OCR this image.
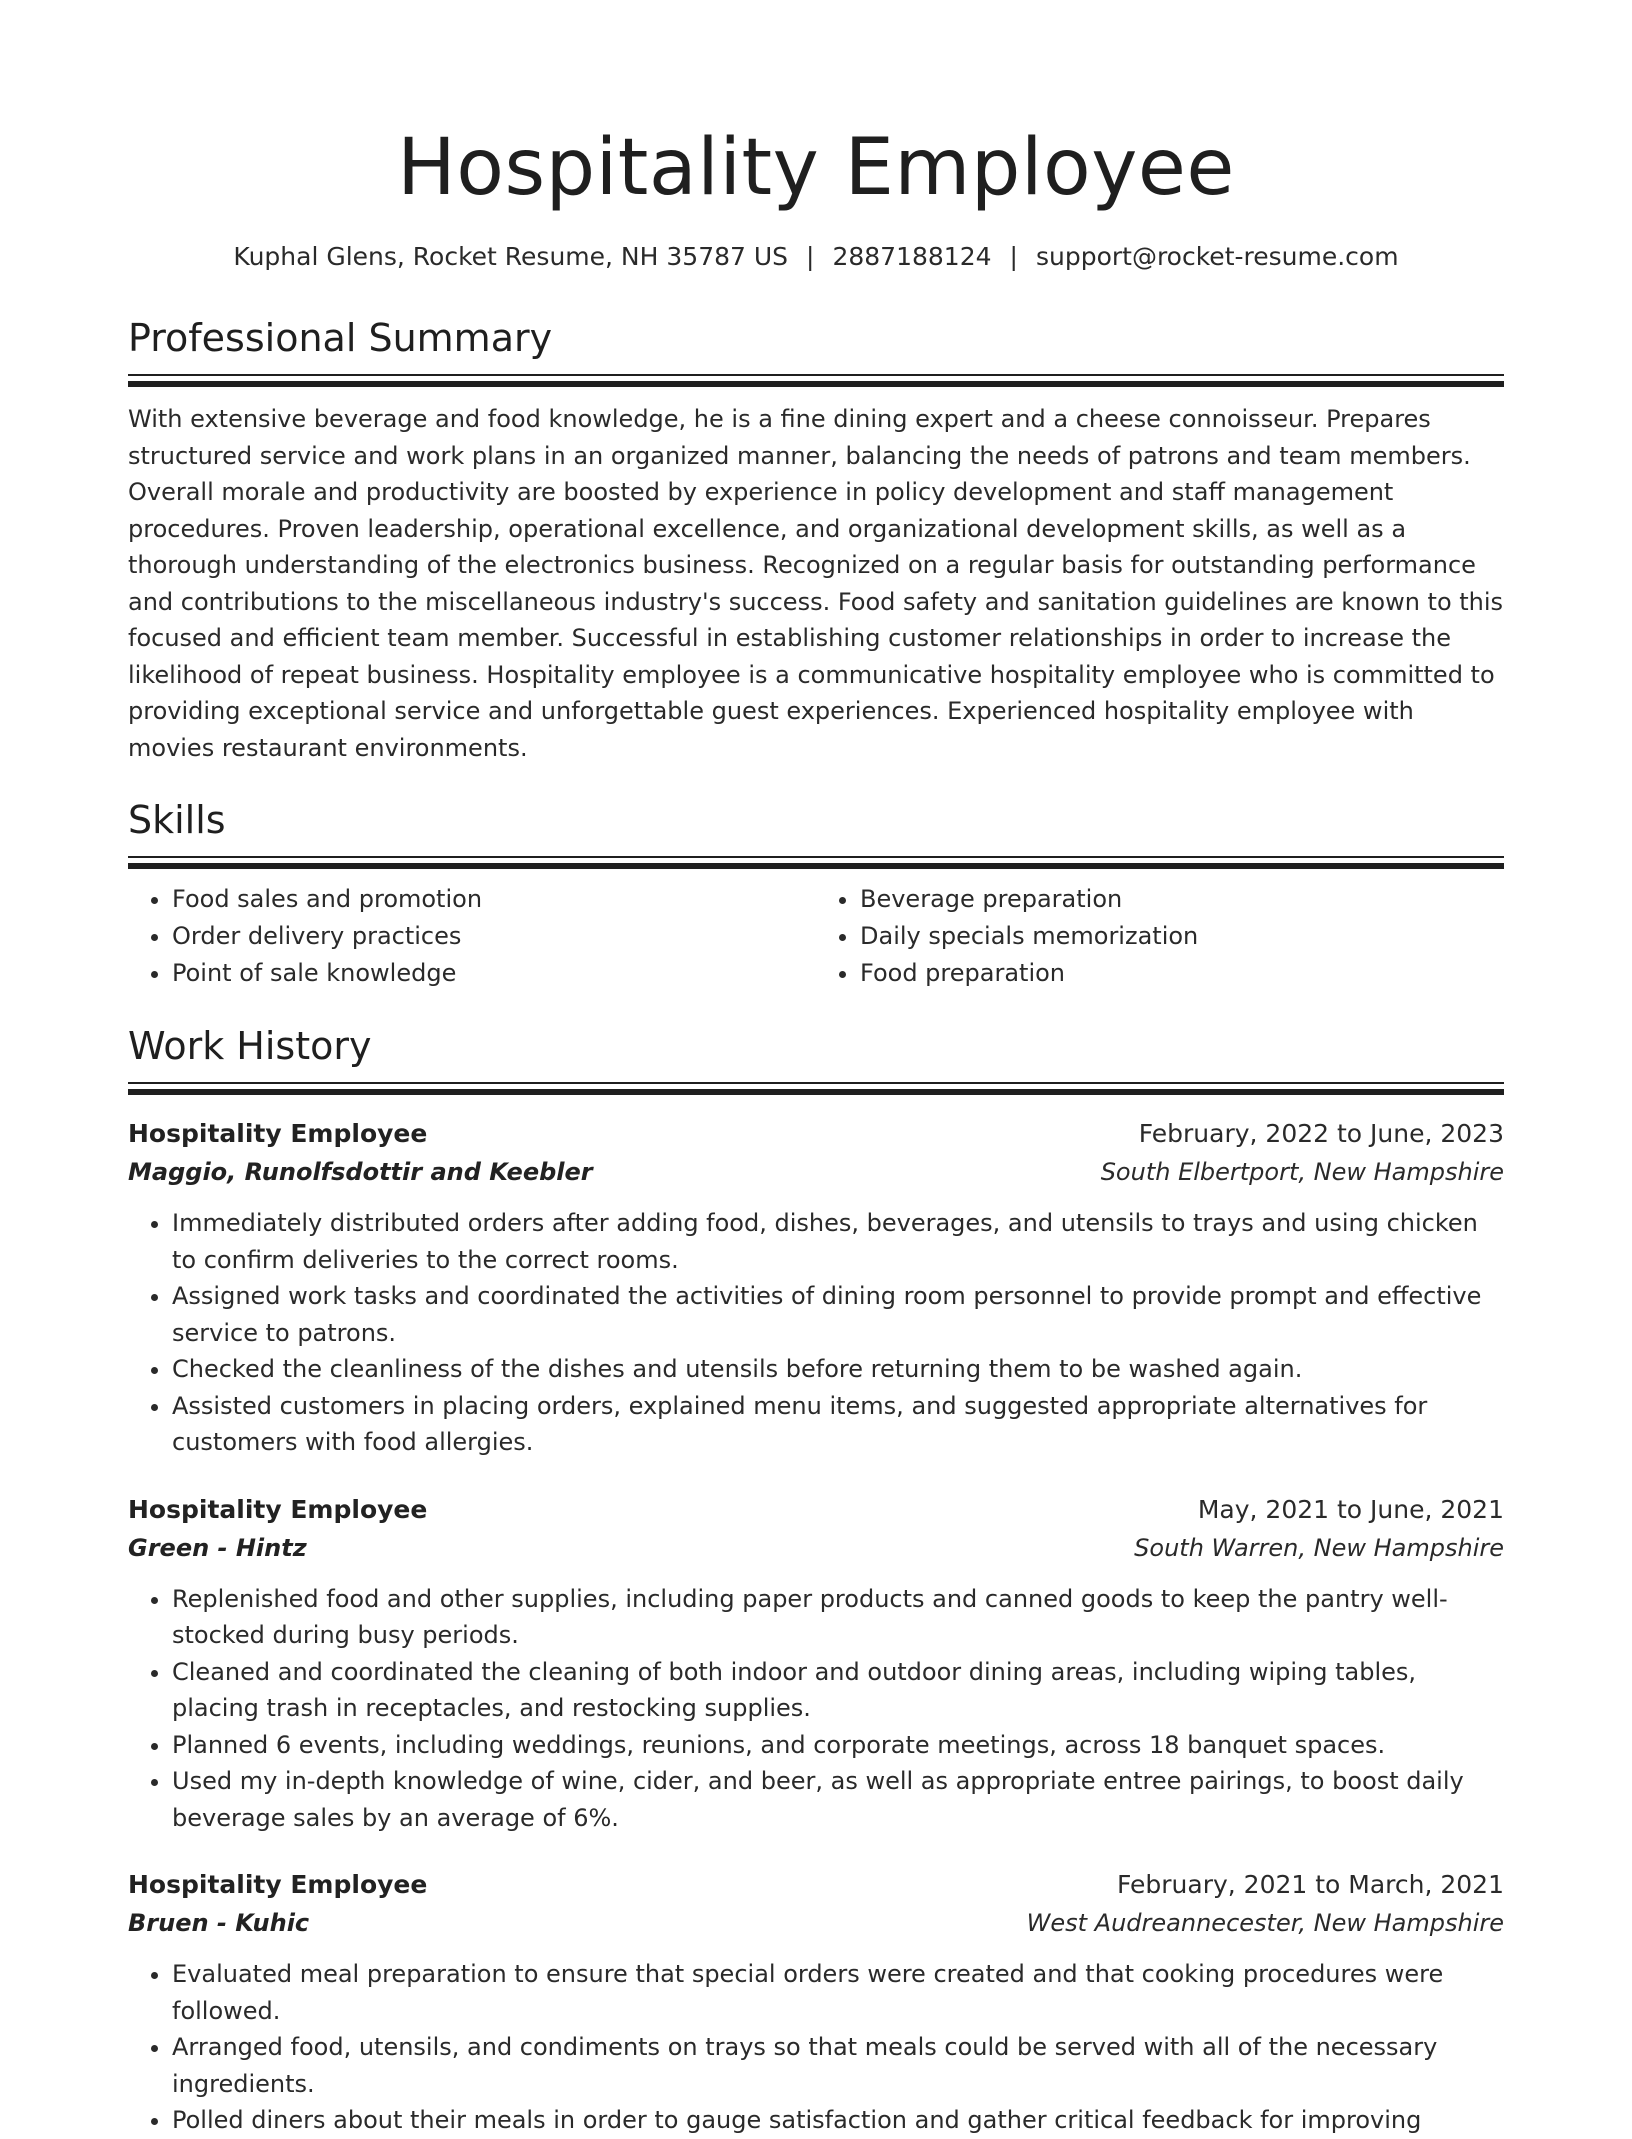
Hospitality Employee
Kuphal Glens, Rocket Resume, NH 35787 US | 2887188124 | support@rocket-resume.com
Professional Summary
With extensive beverage and food knowledge, he is a fine dining expert and a cheese connoisseur. Prepares structured service and work plans in an organized manner, balancing the needs of patrons and team members. Overall morale and productivity are boosted by experience in policy development and staff management procedures. Proven leadership, operational excellence, and organizational development skills, as well as a thorough understanding of the electronics business. Recognized on a regular basis for outstanding performance and contributions to the miscellaneous industry's success. Food safety and sanitation guidelines are known to this focused and efficient team member. Successful in establishing customer relationships in order to increase the likelihood of repeat business. Hospitality employee is a communicative hospitality employee who is committed to providing exceptional service and unforgettable guest experiences. Experienced hospitality employee with movies restaurant environments.
Skills
• Food sales and promotion
• Order delivery practices
• Point of sale knowledge
• Beverage preparation
• Daily specials memorization
• Food preparation
Work History
Hospitality Employee	February, 2022 to June, 2023
Maggio, Runolfsdottir and Keebler	South Elbertport, New Hampshire
• Immediately distributed orders after adding food, dishes, beverages, and utensils to trays and using chicken to confirm deliveries to the correct rooms.
• Assigned work tasks and coordinated the activities of dining room personnel to provide prompt and effective service to patrons.
• Checked the cleanliness of the dishes and utensils before returning them to be washed again.
• Assisted customers in placing orders, explained menu items, and suggested appropriate alternatives for customers with food allergies.
Hospitality Employee	May, 2021 to June, 2021
Green - Hintz	South Warren, New Hampshire
• Replenished food and other supplies, including paper products and canned goods to keep the pantry well-stocked during busy periods.
• Cleaned and coordinated the cleaning of both indoor and outdoor dining areas, including wiping tables, placing trash in receptacles, and restocking supplies.
• Planned 6 events, including weddings, reunions, and corporate meetings, across 18 banquet spaces.
• Used my in-depth knowledge of wine, cider, and beer, as well as appropriate entree pairings, to boost daily beverage sales by an average of 6%.
Hospitality Employee	February, 2021 to March, 2021
Bruen - Kuhic	West Audreannecester, New Hampshire
• Evaluated meal preparation to ensure that special orders were created and that cooking procedures were followed.
• Arranged food, utensils, and condiments on trays so that meals could be served with all of the necessary ingredients.
• Polled diners about their meals in order to gauge satisfaction and gather critical feedback for improving
